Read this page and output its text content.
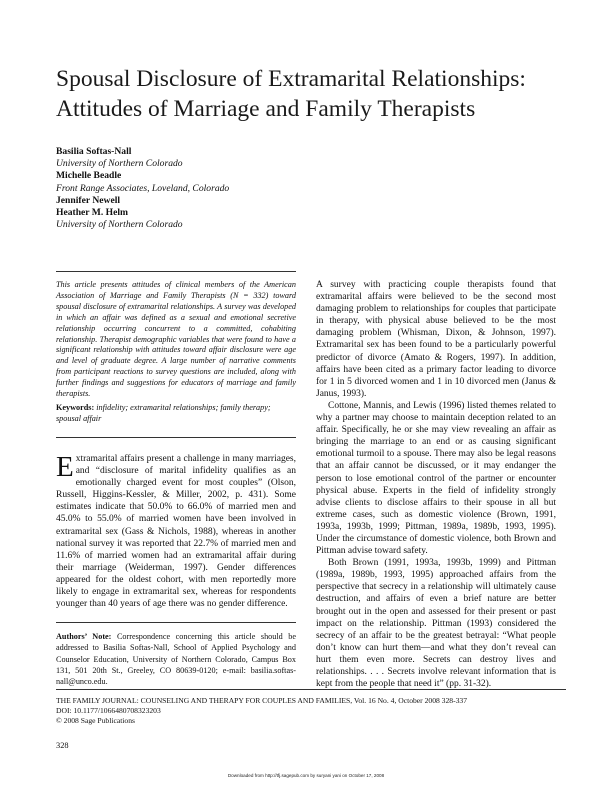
Spousal Disclosure of Extramarital Relationships:
Attitudes of Marriage and Family Therapists
Basilia Softas-Nall
University of Northern Colorado
Michelle Beadle
Front Range Associates, Loveland, Colorado
Jennifer Newell
Heather M. Helm
University of Northern Colorado
This article presents attitudes of clinical members of the American Association of Marriage and Family Therapists (N = 332) toward spousal disclosure of extramarital relationships. A survey was developed in which an affair was defined as a sexual and emotional secretive relationship occurring concurrent to a committed, cohabiting relationship. Therapist demographic variables that were found to have a significant relationship with attitudes toward affair disclosure were age and level of graduate degree. A large number of narrative comments from participant reactions to survey questions are included, along with further findings and suggestions for educators of marriage and family therapists.
Keywords: infidelity; extramarital relationships; family therapy; spousal affair

Extramarital affairs present a challenge in many marriages, and “disclosure of marital infidelity qualifies as an emotionally charged event for most couples” (Olson, Russell, Higgins-Kessler, & Miller, 2002, p. 431). Some estimates indicate that 50.0% to 66.0% of married men and 45.0% to 55.0% of married women have been involved in extramarital sex (Gass & Nichols, 1988), whereas in another national survey it was reported that 22.7% of married men and 11.6% of married women had an extramarital affair during their marriage (Weiderman, 1997). Gender differences appeared for the oldest cohort, with men reportedly more likely to engage in extramarital sex, whereas for respondents younger than 40 years of age there was no gender difference.

Authors’ Note: Correspondence concerning this article should be addressed to Basilia Softas-Nall, School of Applied Psychology and Counselor Education, University of Northern Colorado, Campus Box 131, 501 20th St., Greeley, CO 80639-0120; e-mail: basilia.softas-nall@unco.edu.

A survey with practicing couple therapists found that extramarital affairs were believed to be the second most damaging problem to relationships for couples that participate in therapy, with physical abuse believed to be the most damaging problem (Whisman, Dixon, & Johnson, 1997). Extramarital sex has been found to be a particularly powerful predictor of divorce (Amato & Rogers, 1997). In addition, affairs have been cited as a primary factor leading to divorce for 1 in 5 divorced women and 1 in 10 divorced men (Janus & Janus, 1993).

Cottone, Mannis, and Lewis (1996) listed themes related to why a partner may choose to maintain deception related to an affair. Specifically, he or she may view revealing an affair as bringing the marriage to an end or as causing significant emotional turmoil to a spouse. There may also be legal reasons that an affair cannot be discussed, or it may endanger the person to lose emotional control of the partner or encounter physical abuse. Experts in the field of infidelity strongly advise clients to disclose affairs to their spouse in all but extreme cases, such as domestic violence (Brown, 1991, 1993a, 1993b, 1999; Pittman, 1989a, 1989b, 1993, 1995). Under the circumstance of domestic violence, both Brown and Pittman advise toward safety.

Both Brown (1991, 1993a, 1993b, 1999) and Pittman (1989a, 1989b, 1993, 1995) approached affairs from the perspective that secrecy in a relationship will ultimately cause destruction, and affairs of even a brief nature are better brought out in the open and assessed for their present or past impact on the relationship. Pittman (1993) considered the secrecy of an affair to be the greatest betrayal: “What people don’t know can hurt them—and what they don’t reveal can hurt them even more. Secrets can destroy lives and relationships. . . . Secrets involve relevant information that is kept from the people that need it” (pp. 31-32).

THE FAMILY JOURNAL: COUNSELING AND THERAPY FOR COUPLES AND FAMILIES, Vol. 16 No. 4, October 2008 328-337
DOI: 10.1177/1066480708323203
© 2008 Sage Publications
328
Downloaded from http://tfj.sagepub.com by suryani yani on October 17, 2008
